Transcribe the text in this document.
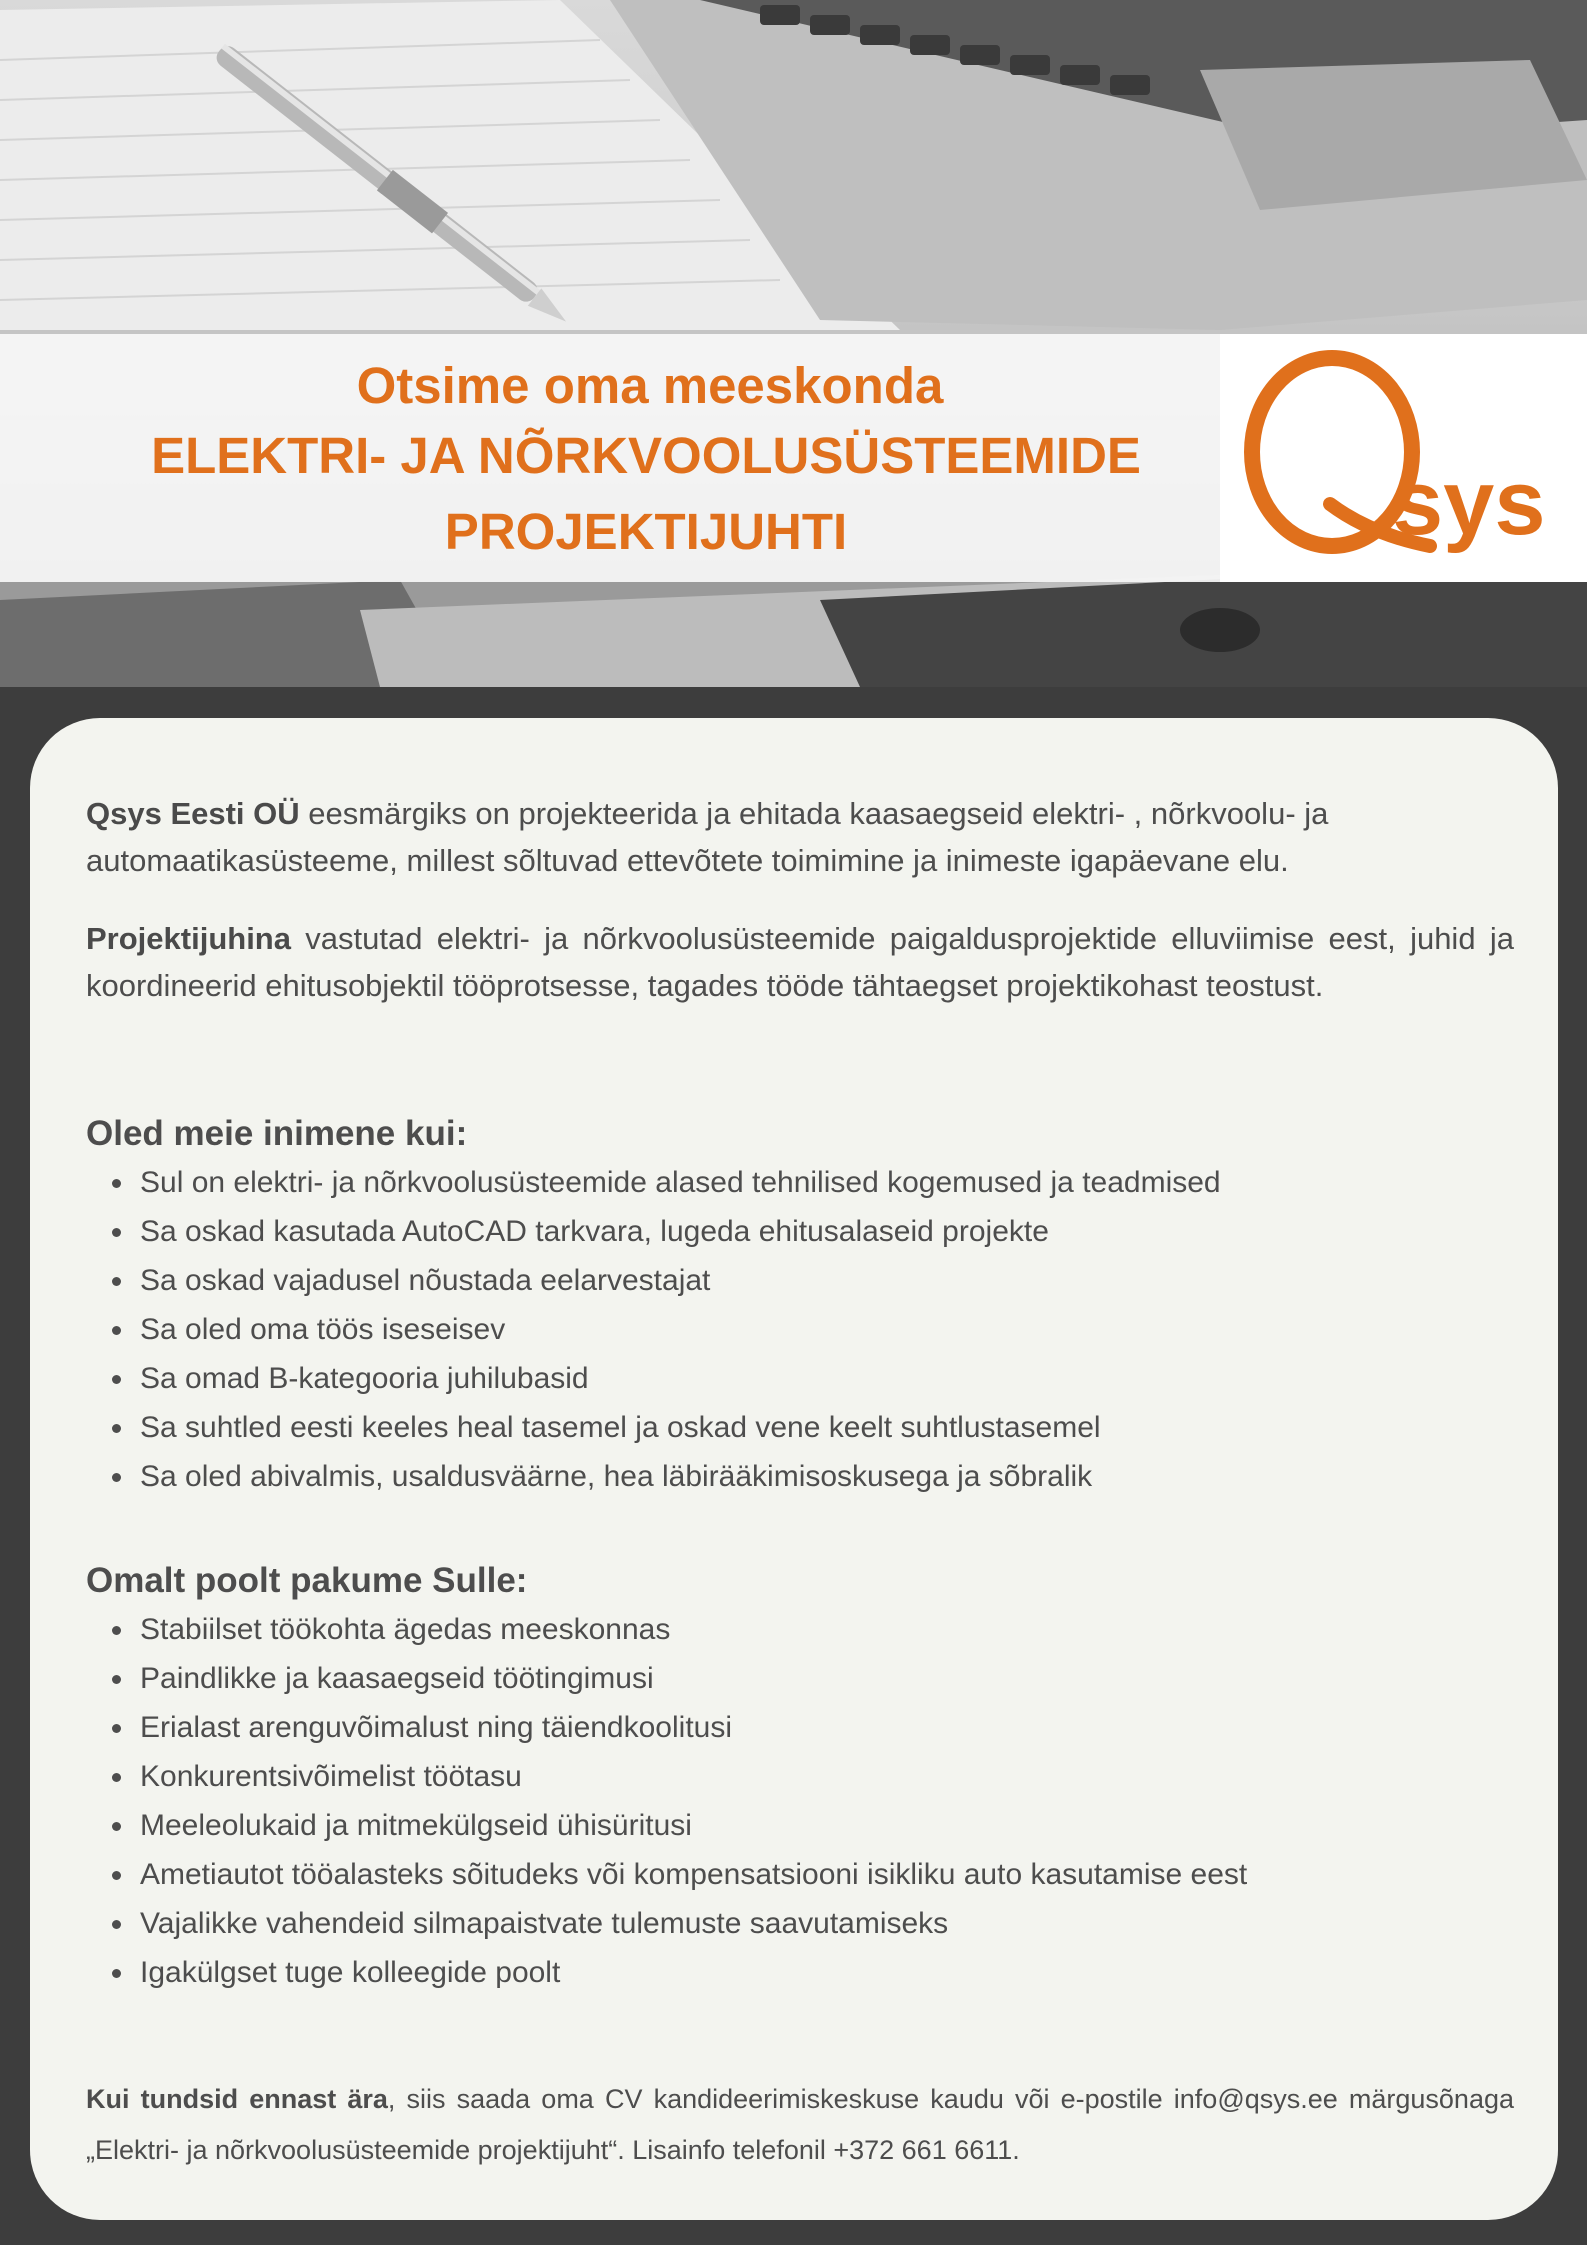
Otsime oma meeskonda
ELEKTRI- JA NÕRKVOOLUSÜSTEEMIDE
PROJEKTIJUHTI	sys
Qsys Eesti OÜ eesmärgiks on projekteerida ja ehitada kaasaegseid elektri- , nõrkvoolu- ja automaatikasüsteeme, millest sõltuvad ettevõtete toimimine ja inimeste igapäevane elu.
Projektijuhina vastutad elektri- ja nõrkvoolusüsteemide paigaldusprojektide elluviimise eest, juhid ja koordineerid ehitusobjektil tööprotsesse, tagades tööde tähtaegset projektikohast teostust.
Oled meie inimene kui:
Sul on elektri- ja nõrkvoolusüsteemide alased tehnilised kogemused ja teadmised
Sa oskad kasutada AutoCAD tarkvara, lugeda ehitusalaseid projekte
Sa oskad vajadusel nõustada eelarvestajat
Sa oled oma töös iseseisev
Sa omad B-kategooria juhilubasid
Sa suhtled eesti keeles heal tasemel ja oskad vene keelt suhtlustasemel
Sa oled abivalmis, usaldusväärne, hea läbirääkimisoskusega ja sõbralik
Omalt poolt pakume Sulle:
Stabiilset töökohta ägedas meeskonnas
Paindlikke ja kaasaegseid töötingimusi
Erialast arenguvõimalust ning täiendkoolitusi
Konkurentsivõimelist töötasu
Meeleolukaid ja mitmekülgseid ühisüritusi
Ametiautot tööalasteks sõitudeks või kompensatsiooni isikliku auto kasutamise eest
Vajalikke vahendeid silmapaistvate tulemuste saavutamiseks
Igakülgset tuge kolleegide poolt
Kui tundsid ennast ära, siis saada oma CV kandideerimiskeskuse kaudu või e-postile info@qsys.ee märgusõnaga „Elektri- ja nõrkvoolusüsteemide projektijuht“. Lisainfo telefonil +372 661 6611.
